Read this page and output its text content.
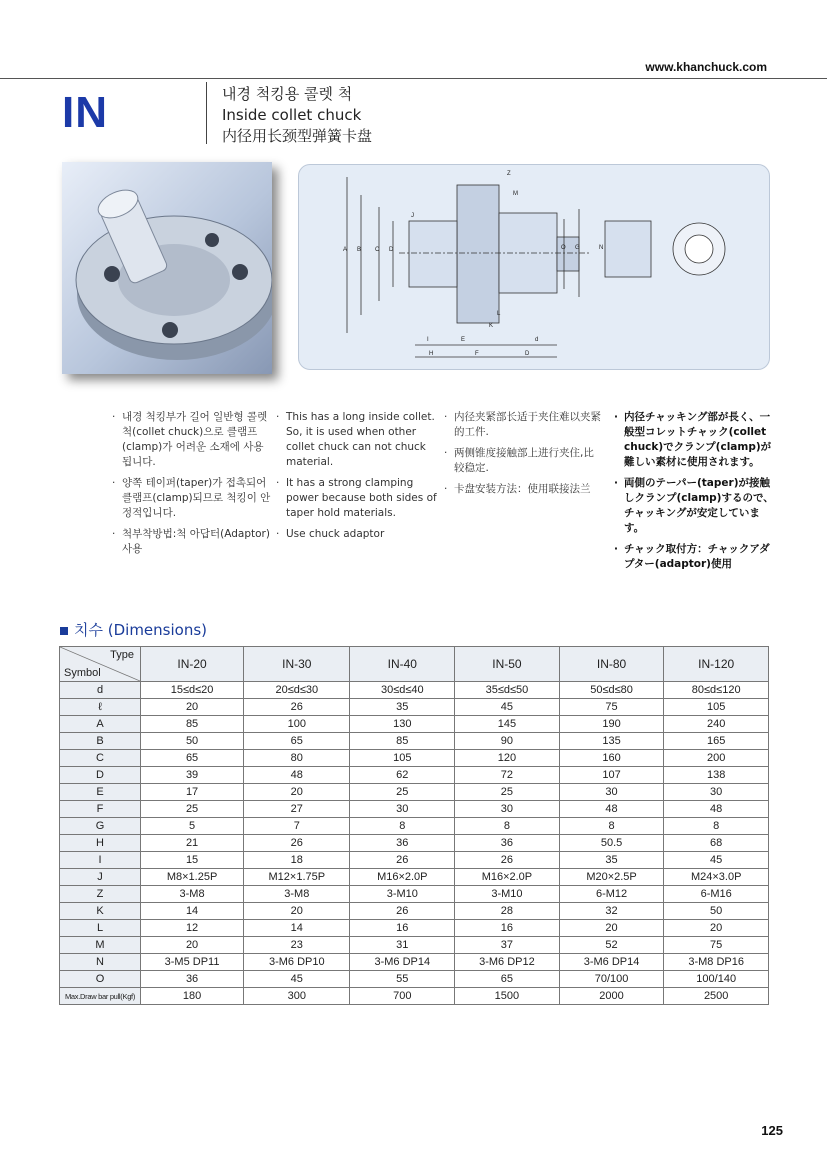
www.khanchuck.com
IN	내경 척킹용 콜렛 척
Inside collet chuck
内径用长颈型弹簧卡盘
Z
M
J
A B C D	N
G
O
K
L
I	E
H	F	D
d
· 내경 척킹부가 길어 일반형 콜렛척(collet chuck)으로 클램프(clamp)가 어려운 소재에 사용됩니다.
· 양쪽 테이퍼(taper)가 접촉되어 클램프(clamp)되므로 척킹이 안정적입니다.
· 척부착방법:척 아답터(Adaptor)사용
· This has a long inside collet. So, it is used when other collet chuck can not chuck material.
· It has a strong clamping power because both sides of taper hold materials.
· Use chuck adaptor
· 内径夹紧部长适于夹住难以夹紧的工件.
· 两侧锥度接触部上进行夹住,比较稳定.
· 卡盘安装方法：使用联接法兰
· 内径チャッキング部が長く、一般型コレットチャック(collet chuck)でクランプ(clamp)が難しい素材に使用されます。
· 両側のテーパー(taper)が接触しクランプ(clamp)するので、チャッキングが安定しています。
· チャック取付方：チャックアダプター(adaptor)使用
치수 (Dimensions)
Type
Symbol	IN-20	IN-30	IN-40	IN-50	IN-80	IN-120
d	15≤d≤20	20≤d≤30	30≤d≤40	35≤d≤50	50≤d≤80	80≤d≤120
ℓ	20	26	35	45	75	105
A	85	100	130	145	190	240
B	50	65	85	90	135	165
C	65	80	105	120	160	200
D	39	48	62	72	107	138
E	17	20	25	25	30	30
F	25	27	30	30	48	48
G	5	7	8	8	8	8
H	21	26	36	36	50.5	68
I	15	18	26	26	35	45
J	M8×1.25P	M12×1.75P	M16×2.0P	M16×2.0P	M20×2.5P	M24×3.0P
Z	3-M8	3-M8	3-M10	3-M10	6-M12	6-M16
K	14	20	26	28	32	50
L	12	14	16	16	20	20
M	20	23	31	37	52	75
N	3-M5 DP11	3-M6 DP10	3-M6 DP14	3-M6 DP12	3-M6 DP14	3-M8 DP16
O	36	45	55	65	70/100	100/140
Max.Draw bar pull(Kgf)	180	300	700	1500	2000	2500
125
